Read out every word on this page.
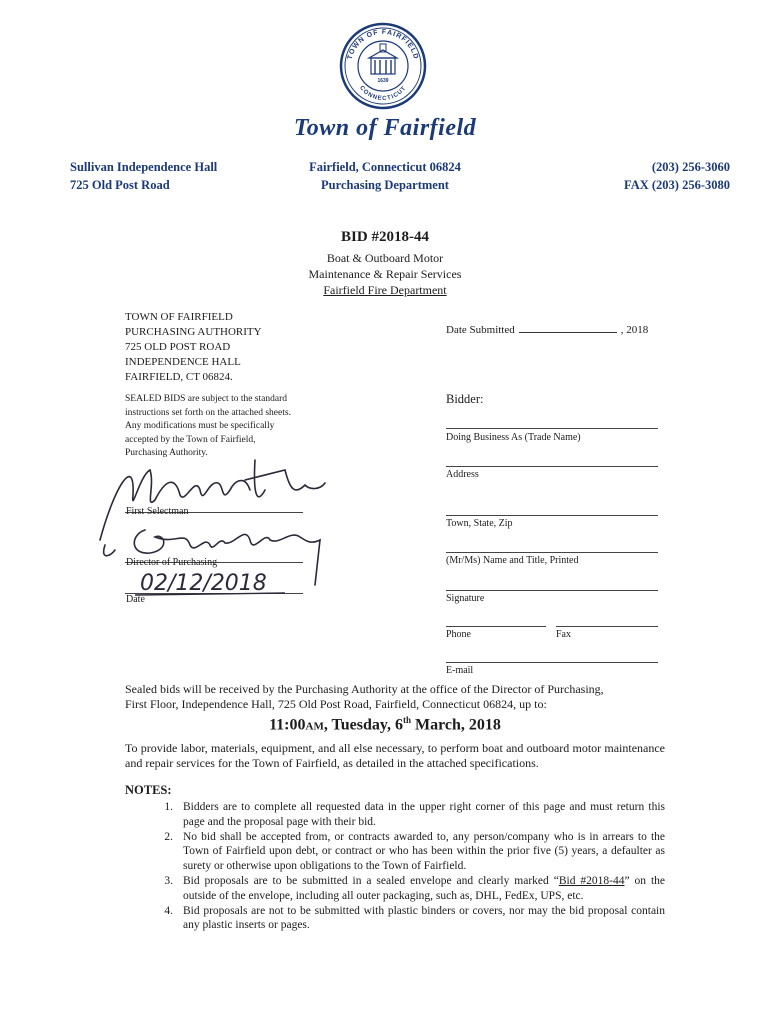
TOWN OF FAIRFIELD
CONNECTICUT
1639
Town of Fairfield
Sullivan Independence Hall
725 Old Post Road
Fairfield, Connecticut 06824
Purchasing Department
(203) 256-3060
FAX (203) 256-3080
BID #2018-44
Boat & Outboard Motor
Maintenance & Repair Services
Fairfield Fire Department
TOWN OF FAIRFIELD
PURCHASING AUTHORITY
725 OLD POST ROAD
INDEPENDENCE HALL
FAIRFIELD, CT 06824.
SEALED BIDS are subject to the standard
instructions set forth on the attached sheets.
Any modifications must be specifically
accepted by the Town of Fairfield,
Purchasing Authority.
First Selectman
Director of Purchasing
Date
02/12/2018
Date Submitted	, 2018
Bidder:
Doing Business As (Trade Name)
Address
Town, State, Zip
(Mr/Ms) Name and Title, Printed
Signature
Phone	Fax
E-mail
Sealed bids will be received by the Purchasing Authority at the office of the Director of Purchasing,
First Floor, Independence Hall, 725 Old Post Road, Fairfield, Connecticut 06824, up to:
11:00AM, Tuesday, 6th March, 2018
To provide labor, materials, equipment, and all else necessary, to perform boat and outboard motor maintenance and repair services for the Town of Fairfield, as detailed in the attached specifications.
NOTES:
1. Bidders are to complete all requested data in the upper right corner of this page and must return this page and the proposal page with their bid.
2. No bid shall be accepted from, or contracts awarded to, any person/company who is in arrears to the Town of Fairfield upon debt, or contract or who has been within the prior five (5) years, a defaulter as surety or otherwise upon obligations to the Town of Fairfield.
3. Bid proposals are to be submitted in a sealed envelope and clearly marked “Bid #2018-44” on the outside of the envelope, including all outer packaging, such as, DHL, FedEx, UPS, etc.
4. Bid proposals are not to be submitted with plastic binders or covers, nor may the bid proposal contain any plastic inserts or pages.
